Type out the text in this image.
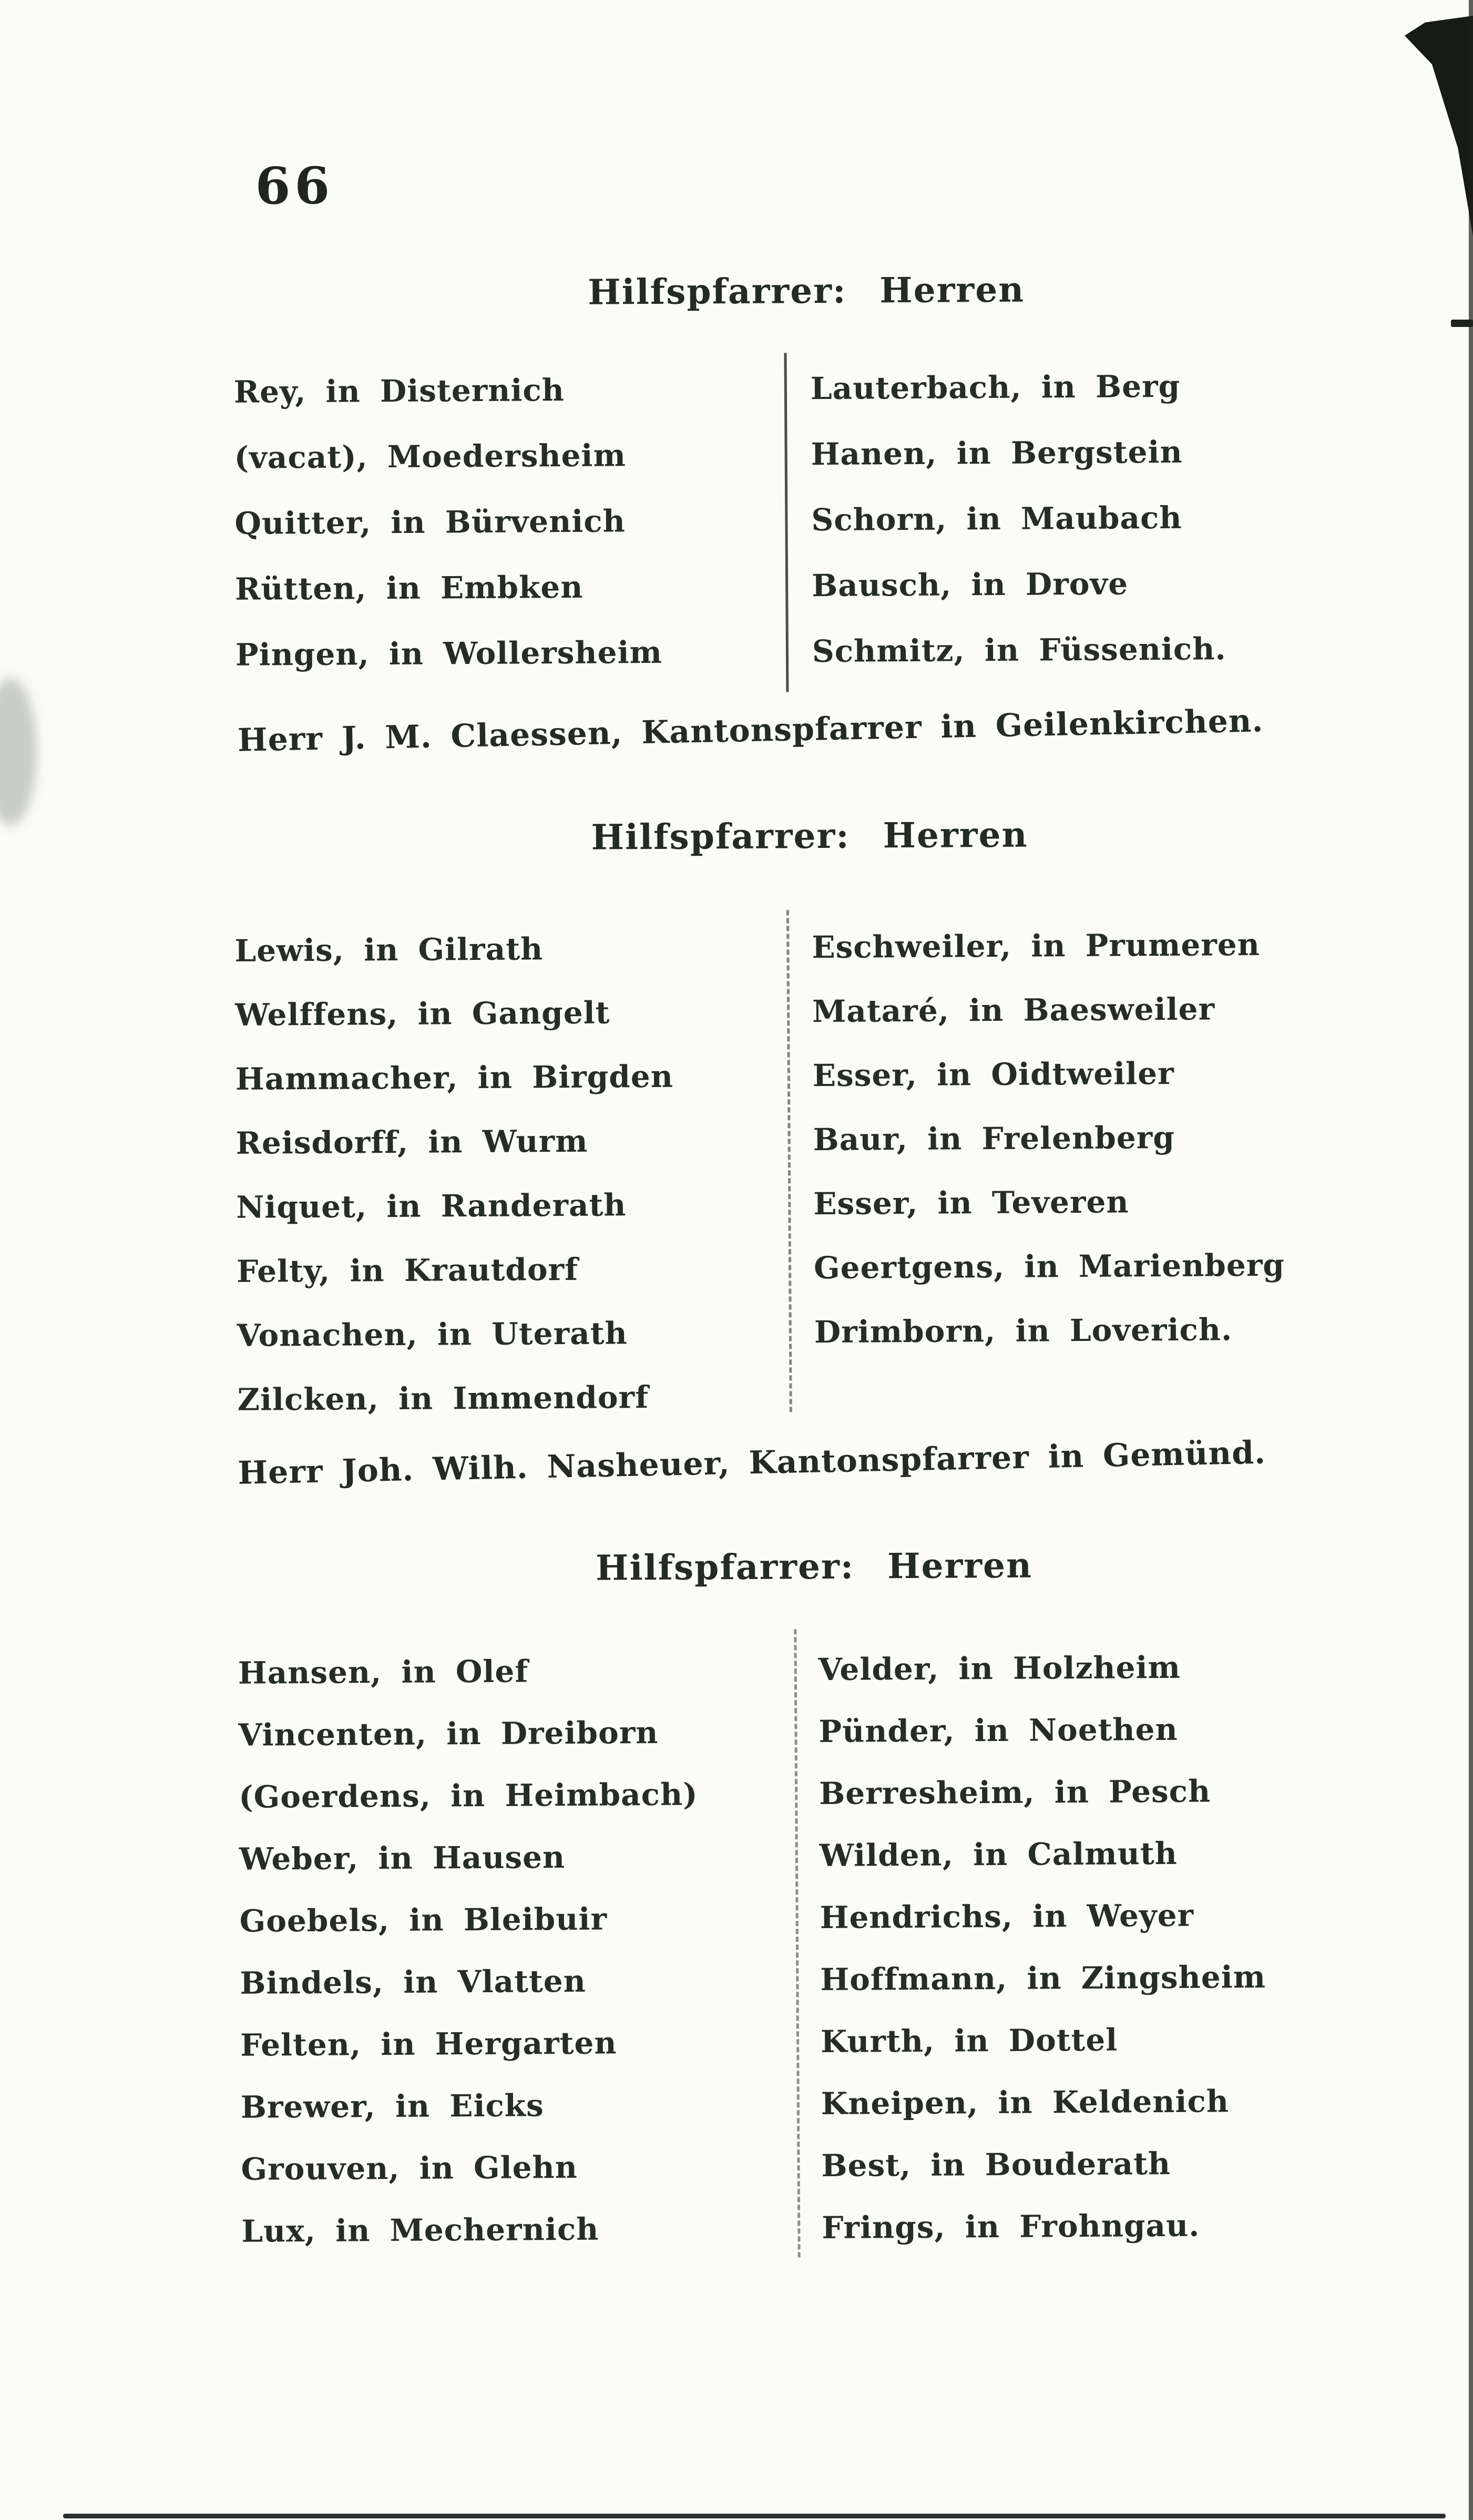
66
Hilfspfarrer: Herren
Rey, in Disternich
(vacat), Moedersheim
Quitter, in Bürvenich
Rütten, in Embken
Pingen, in Wollersheim
Lauterbach, in Berg
Hanen, in Bergstein
Schorn, in Maubach
Bausch, in Drove
Schmitz, in Füssenich.
Herr J. M. Claessen, Kantonspfarrer in Geilenkirchen.
Hilfspfarrer: Herren
Lewis, in Gilrath
Welffens, in Gangelt
Hammacher, in Birgden
Reisdorff, in Wurm
Niquet, in Randerath
Felty, in Krautdorf
Vonachen, in Uterath
Zilcken, in Immendorf
Eschweiler, in Prumeren
Mataré, in Baesweiler
Esser, in Oidtweiler
Baur, in Frelenberg
Esser, in Teveren
Geertgens, in Marienberg
Drimborn, in Loverich.
Herr Joh. Wilh. Nasheuer, Kantonspfarrer in Gemünd.
Hilfspfarrer: Herren
Hansen, in Olef
Vincenten, in Dreiborn
(Goerdens, in Heimbach)
Weber, in Hausen
Goebels, in Bleibuir
Bindels, in Vlatten
Felten, in Hergarten
Brewer, in Eicks
Grouven, in Glehn
Lux, in Mechernich
Velder, in Holzheim
Pünder, in Noethen
Berresheim, in Pesch
Wilden, in Calmuth
Hendrichs, in Weyer
Hoffmann, in Zingsheim
Kurth, in Dottel
Kneipen, in Keldenich
Best, in Bouderath
Frings, in Frohngau.
